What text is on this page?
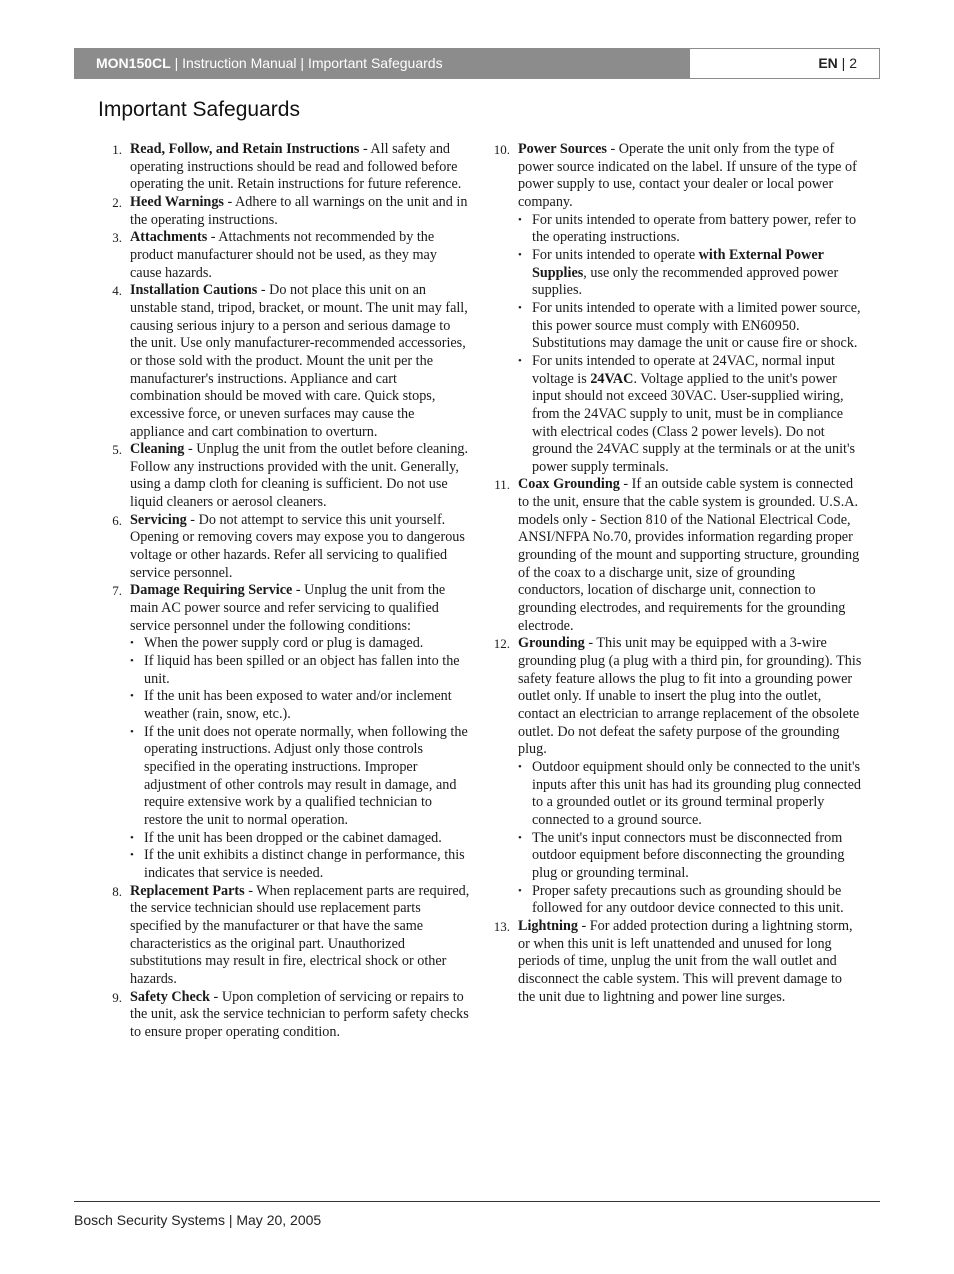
MON150CL | Instruction Manual | Important Safeguards	EN | 2
Important Safeguards
1. Read, Follow, and Retain Instructions - All safety and operating instructions should be read and followed before operating the unit. Retain instructions for future reference.
2. Heed Warnings - Adhere to all warnings on the unit and in the operating instructions.
3. Attachments - Attachments not recommended by the product manufacturer should not be used, as they may cause hazards.
4. Installation Cautions - Do not place this unit on an unstable stand, tripod, bracket, or mount. The unit may fall, causing serious injury to a person and serious damage to the unit. Use only manufacturer-recommended accessories, or those sold with the product. Mount the unit per the manufacturer's instructions. Appliance and cart combination should be moved with care. Quick stops, excessive force, or uneven surfaces may cause the appliance and cart combination to overturn.
5. Cleaning - Unplug the unit from the outlet before cleaning. Follow any instructions provided with the unit. Generally, using a damp cloth for cleaning is sufficient. Do not use liquid cleaners or aerosol cleaners.
6. Servicing - Do not attempt to service this unit yourself. Opening or removing covers may expose you to dangerous voltage or other hazards. Refer all servicing to qualified service personnel.
7. Damage Requiring Service - Unplug the unit from the main AC power source and refer servicing to qualified service personnel under the following conditions:
• When the power supply cord or plug is damaged.
• If liquid has been spilled or an object has fallen into the unit.
• If the unit has been exposed to water and/or inclement weather (rain, snow, etc.).
• If the unit does not operate normally, when following the operating instructions. Adjust only those controls specified in the operating instructions. Improper adjustment of other controls may result in damage, and require extensive work by a qualified technician to restore the unit to normal operation.
• If the unit has been dropped or the cabinet damaged.
• If the unit exhibits a distinct change in performance, this indicates that service is needed.
8. Replacement Parts - When replacement parts are required, the service technician should use replacement parts specified by the manufacturer or that have the same characteristics as the original part. Unauthorized substitutions may result in fire, electrical shock or other hazards.
9. Safety Check - Upon completion of servicing or repairs to the unit, ask the service technician to perform safety checks to ensure proper operating condition.
10. Power Sources - Operate the unit only from the type of power source indicated on the label. If unsure of the type of power supply to use, contact your dealer or local power company.
• For units intended to operate from battery power, refer to the operating instructions.
• For units intended to operate with External Power Supplies, use only the recommended approved power supplies.
• For units intended to operate with a limited power source, this power source must comply with EN60950. Substitutions may damage the unit or cause fire or shock.
• For units intended to operate at 24VAC, normal input voltage is 24VAC. Voltage applied to the unit's power input should not exceed 30VAC. User-supplied wiring, from the 24VAC supply to unit, must be in compliance with electrical codes (Class 2 power levels). Do not ground the 24VAC supply at the terminals or at the unit's power supply terminals.
11. Coax Grounding - If an outside cable system is connected to the unit, ensure that the cable system is grounded. U.S.A. models only - Section 810 of the National Electrical Code, ANSI/NFPA No.70, provides information regarding proper grounding of the mount and supporting structure, grounding of the coax to a discharge unit, size of grounding conductors, location of discharge unit, connection to grounding electrodes, and requirements for the grounding electrode.
12. Grounding - This unit may be equipped with a 3-wire grounding plug (a plug with a third pin, for grounding). This safety feature allows the plug to fit into a grounding power outlet only. If unable to insert the plug into the outlet, contact an electrician to arrange replacement of the obsolete outlet. Do not defeat the safety purpose of the grounding plug.
• Outdoor equipment should only be connected to the unit's inputs after this unit has had its grounding plug connected to a grounded outlet or its ground terminal properly connected to a ground source.
• The unit's input connectors must be disconnected from outdoor equipment before disconnecting the grounding plug or grounding terminal.
• Proper safety precautions such as grounding should be followed for any outdoor device connected to this unit.
13. Lightning - For added protection during a lightning storm, or when this unit is left unattended and unused for long periods of time, unplug the unit from the wall outlet and disconnect the cable system. This will prevent damage to the unit due to lightning and power line surges.
Bosch Security Systems | May 20, 2005
